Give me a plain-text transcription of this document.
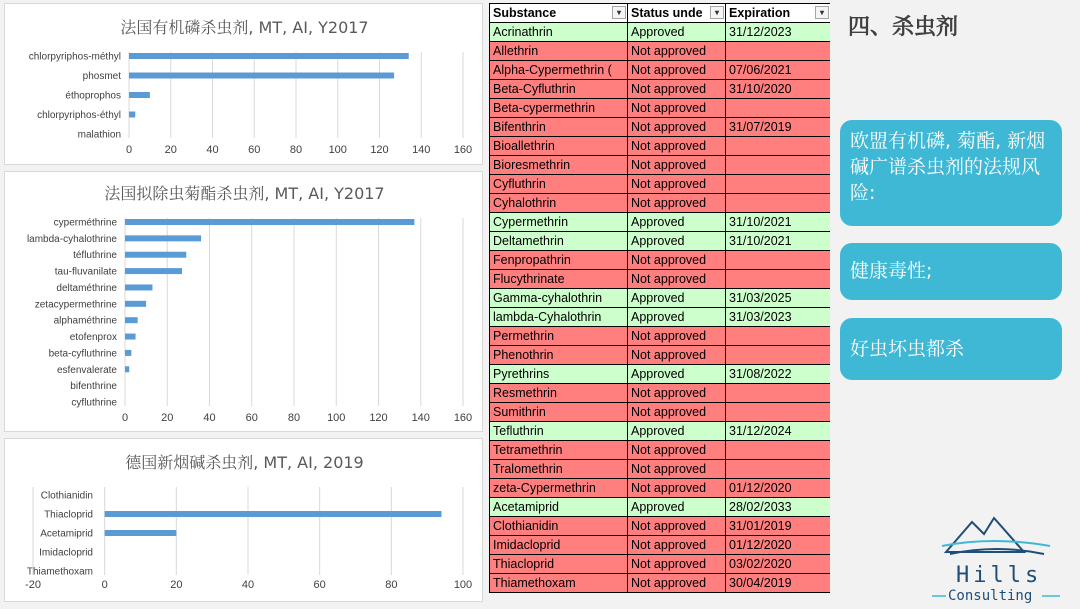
法国有机磷杀虫剂, MT, AI, Y2017
0	20	40	60	80 100 120 140 160
chlorpyriphos-méthyl
phosmet
éthoprophos
chlorpyriphos-éthyl
malathion
法国拟除虫菊酯杀虫剂, MT, AI, Y2017
0	20	40	60	80 100 120 140 160
cyperméthrine
lambda-cyhalothrine
téfluthrine
tau-fluvanilate
deltaméthrine
zetacypermethrine
alphaméthrine
etofenprox
beta-cyfluthrine
esfenvalerate
bifenthrine
cyfluthrine
德国新烟碱杀虫剂, MT, AI, 2019
Clothianidin
Thiacloprid
Acetamiprid
Imidacloprid
Thiamethoxam
-20	0	20	40	60	80	100
Substance ▾	Status unde ▾	Expiration ▾

Acrinathrin	Approved	31/12/2023
Allethrin	Not approved	
Alpha-Cypermethrin (	Not approved	07/06/2021
Beta-Cyfluthrin	Not approved	31/10/2020
Beta-cypermethrin	Not approved	
Bifenthrin	Not approved	31/07/2019
Bioallethrin	Not approved	
Bioresmethrin	Not approved	
Cyfluthrin	Not approved	
Cyhalothrin	Not approved	
Cypermethrin	Approved	31/10/2021
Deltamethrin	Approved	31/10/2021
Fenpropathrin	Not approved	
Flucythrinate	Not approved	
Gamma-cyhalothrin	Approved	31/03/2025
lambda-Cyhalothrin	Approved	31/03/2023
Permethrin	Not approved	
Phenothrin	Not approved	
Pyrethrins	Approved	31/08/2022
Resmethrin	Not approved	
Sumithrin	Not approved	
Tefluthrin	Approved	31/12/2024
Tetramethrin	Not approved	
Tralomethrin	Not approved	
zeta-Cypermethrin	Not approved	01/12/2020
Acetamiprid	Approved	28/02/2033
Clothianidin	Not approved	31/01/2019
Imidacloprid	Not approved	01/12/2020
Thiacloprid	Not approved	03/02/2020
Thiamethoxam	Not approved	30/04/2019
四、杀虫剂
欧盟有机磷, 菊酯, 新烟碱广谱杀虫剂的法规风险:
健康毒性;
好虫坏虫都杀
Hills
Consulting
